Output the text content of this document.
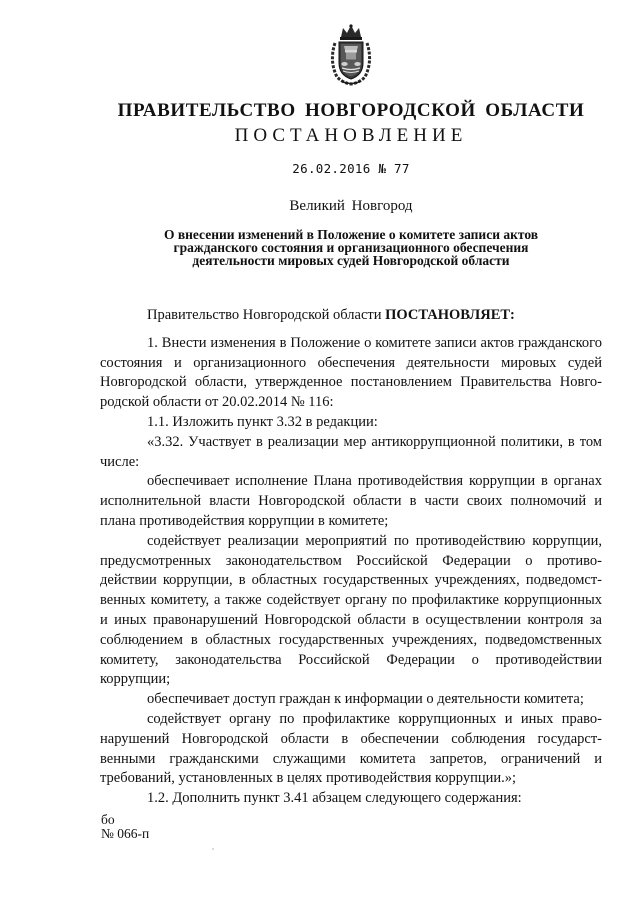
ПРАВИТЕЛЬСТВО НОВГОРОДСКОЙ ОБЛАСТИ
ПОСТАНОВЛЕНИЕ
26.02.2016 № 77
Великий Новгород
О внесении изменений в Положение о комитете записи актов
гражданского состояния и организационного обеспечения
деятельности мировых судей Новгородской области
Правительство Новгородской области ПОСТАНОВЛЯЕТ:
1. Внести изменения в Положение о комитете записи актов гражданского
состояния и организационного обеспечения деятельности мировых судей
Новгородской области, утвержденное постановлением Правительства Новго-
родской области от 20.02.2014 № 116:
1.1. Изложить пункт 3.32 в редакции:
«3.32. Участвует в реализации мер антикоррупционной политики, в том
числе:
обеспечивает исполнение Плана противодействия коррупции в органах
исполнительной власти Новгородской области в части своих полномочий и
плана противодействия коррупции в комитете;
содействует реализации мероприятий по противодействию коррупции,
предусмотренных законодательством Российской Федерации о противо-
действии коррупции, в областных государственных учреждениях, подведомст-
венных комитету, а также содействует органу по профилактике коррупционных
и иных правонарушений Новгородской области в осуществлении контроля за
соблюдением в областных государственных учреждениях, подведомственных
комитету, законодательства Российской Федерации о противодействии
коррупции;
обеспечивает доступ граждан к информации о деятельности комитета;
содействует органу по профилактике коррупционных и иных право-
нарушений Новгородской области в обеспечении соблюдения государст-
венными гражданскими служащими комитета запретов, ограничений и
требований, установленных в целях противодействия коррупции.»;
1.2. Дополнить пункт 3.41 абзацем следующего содержания:
бо
№ 066-п
